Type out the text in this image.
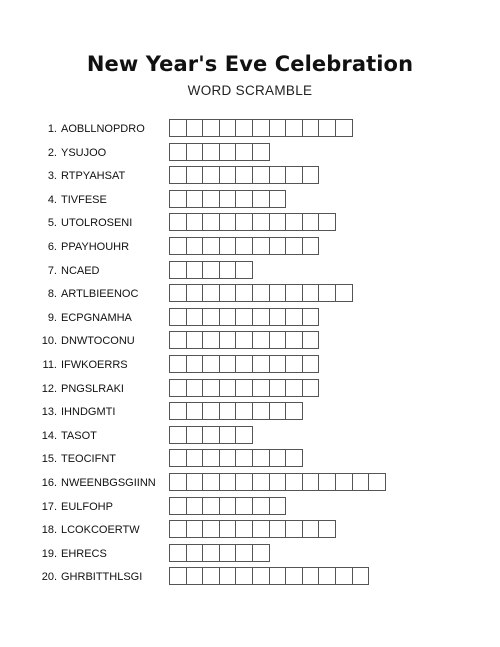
New Year's Eve Celebration
WORD SCRAMBLE
1. AOBLLNOPDRO
2. YSUJOO
3. RTPYAHSAT
4. TIVFESE
5. UTOLROSENI
6. PPAYHOUHR
7. NCAED
8. ARTLBIEENOC
9. ECPGNAMHA
10. DNWTOCONU
11. IFWKOERRS
12. PNGSLRAKI
13. IHNDGMTI
14. TASOT
15. TEOCIFNT
16. NWEENBGSGIINN
17. EULFOHP
18. LCOKCOERTW
19. EHRECS
20. GHRBITTHLSGI
